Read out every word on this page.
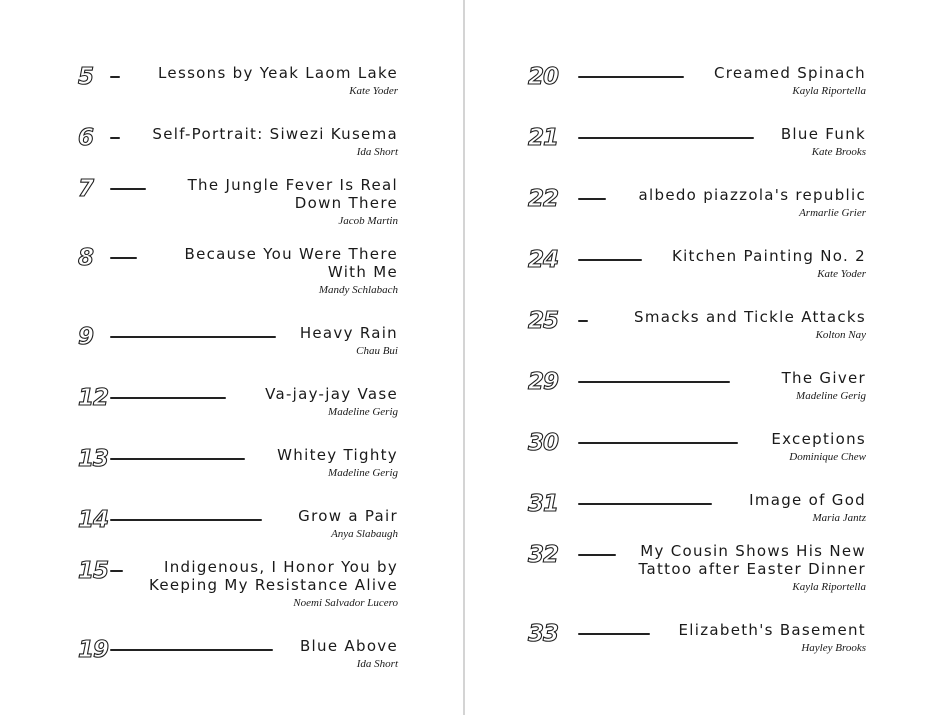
5	Lessons by Yeak Laom Lake
Kate Yoder
6	Self-Portrait: Siwezi Kusema
Ida Short
7	The Jungle Fever Is Real
Down There
Jacob Martin
8	Because You Were There
With Me
Mandy Schlabach
9	Heavy Rain
Chau Bui
12	Va-jay-jay Vase
Madeline Gerig
13	Whitey Tighty
Madeline Gerig
14	Grow a Pair
Anya Slabaugh
15	Indigenous, I Honor You by
Keeping My Resistance Alive
Noemi Salvador Lucero
19	Blue Above
Ida Short
20	Creamed Spinach
Kayla Riportella
21	Blue Funk
Kate Brooks
22	albedo piazzola's republic
Armarlie Grier
24	Kitchen Painting No. 2
Kate Yoder
25	Smacks and Tickle Attacks
Kolton Nay
29	The Giver
Madeline Gerig
30	Exceptions
Dominique Chew
31	Image of God
Maria Jantz
32	My Cousin Shows His New
Tattoo after Easter Dinner
Kayla Riportella
33	Elizabeth's Basement
Hayley Brooks
